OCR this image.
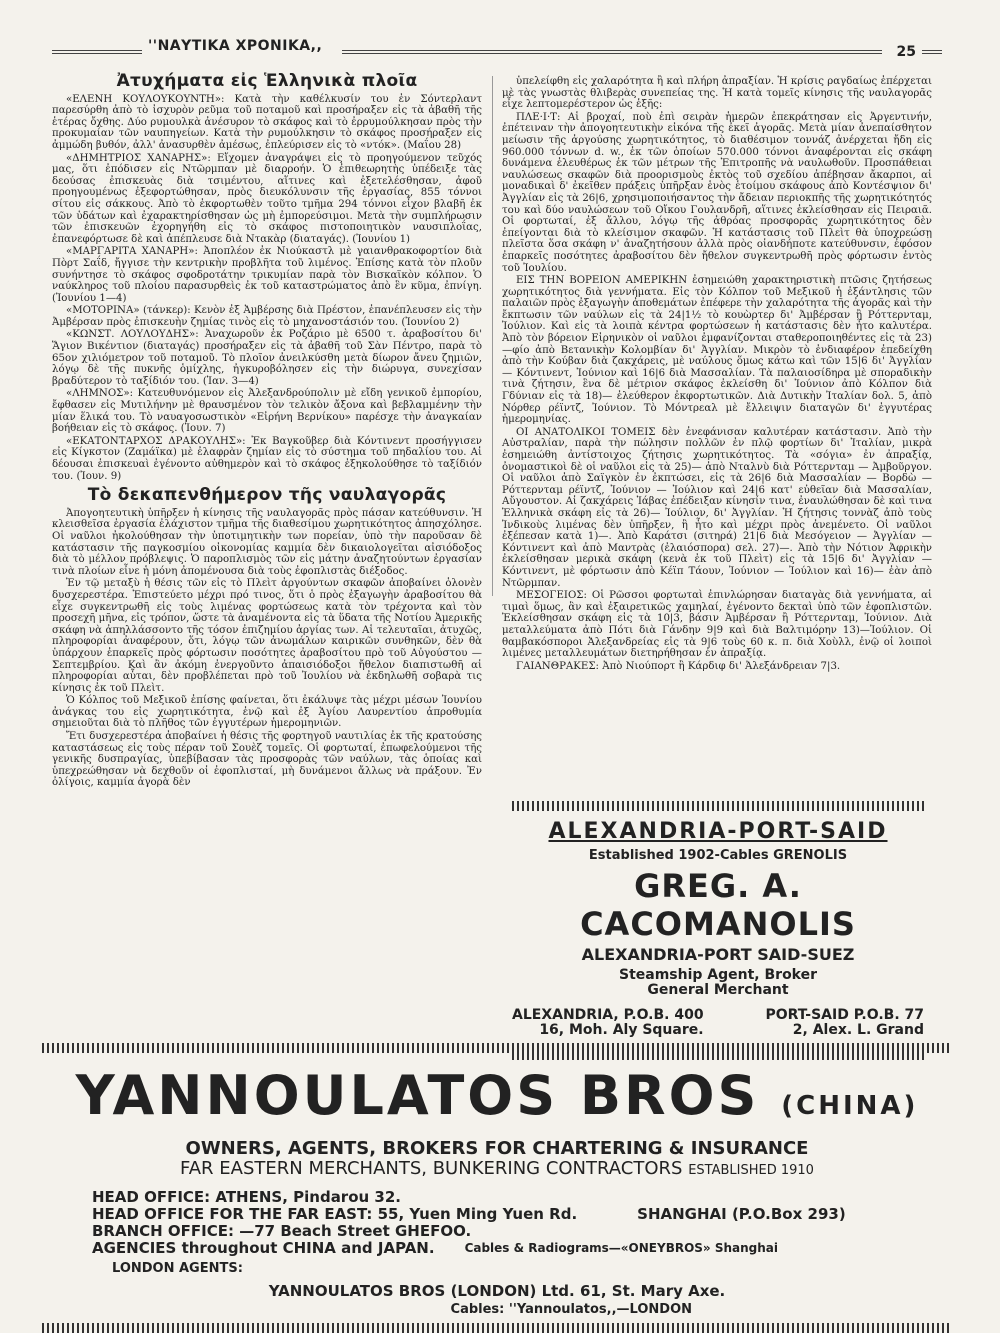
''ΝΑΥΤΙΚΑ ΧΡΟΝΙΚΑ,,	25
Ἀτυχήματα εἰς Ἑλληνικὰ πλοῖα

«ΕΛΕΝΗ ΚΟΥΛΟΥΚΟΥΝΤΗ»: Κατὰ τὴν καθέλκυσίν του ἐν Σόντερλαντ παρεσύρθη ἀπὸ τὸ ἰσχυρὸν ρεῦμα τοῦ ποταμοῦ καὶ προσήραξεν εἰς τὰ ἀβαθῆ τῆς ἑτέρας ὄχθης. Δύο ρυμουλκὰ ἀνέσυρον τὸ σκάφος καὶ τὸ ἐρρυμούλκησαν πρὸς τὴν προκυμαίαν τῶν ναυπηγείων. Κατὰ τὴν ρυμούλκησιν τὸ σκάφος προσήραξεν εἰς ἀμμώδη βυθόν, ἀλλ' ἀνασυρθὲν ἀμέσως, ἐπλεύρισεν εἰς τὸ «ντόκ». (Μαΐου 28)

«ΔΗΜΗΤΡΙΟΣ ΧΑΝΑΡΗΣ»: Εἴχομεν ἀναγράψει εἰς τὸ προηγούμενον τεῦχός μας, ὅτι ἐπόδισεν εἰς Ντῶρμπαν μὲ διαρροήν. Ὁ ἐπιθεωρητὴς ὑπέδειξε τὰς δεούσας ἐπισκευὰς διὰ τσιμέντου, αἵτινες καὶ ἐξετελέσθησαν, ἀφοῦ προηγουμένως ἐξεφορτώθησαν, πρὸς διευκόλυνσιν τῆς ἐργασίας, 855 τόννοι σίτου εἰς σάκκους. Ἀπὸ τὸ ἐκφορτωθὲν τοῦτο τμῆμα 294 τόννοι εἶχον βλαβῆ ἐκ τῶν ὑδάτων καὶ ἐχαρακτηρίσθησαν ὡς μὴ ἐμπορεύσιμοι. Μετὰ τὴν συμπλήρωσιν τῶν ἐπισκευῶν ἐχορηγήθη εἰς τὸ σκάφος πιστοποιητικὸν ναυσιπλοΐας, ἐπανεφόρτωσε δὲ καὶ ἀπέπλευσε διὰ Ντακὰρ (διαταγάς). (Ἰουνίου 1)

«ΜΑΡΓΑΡΙΤΑ ΧΑΝΑΡΗ»: Ἀποπλέον ἐκ Νιούκαστλ μὲ γαιανθρακοφορτίον διὰ Πὸρτ Σαΐδ, ἤγγισε τὴν κεντρικὴν προβλῆτα τοῦ λιμένος. Ἐπίσης κατὰ τὸν πλοῦν συνήντησε τὸ σκάφος σφοδροτάτην τρικυμίαν παρὰ τὸν Βισκαϊκὸν κόλπον. Ὁ ναύκληρος τοῦ πλοίου παρασυρθεὶς ἐκ τοῦ καταστρώματος ἀπὸ ἓν κῦμα, ἐπνίγη. (Ἰουνίου 1—4)

«ΜΟΤΟΡΙΝΑ» (τάνκερ): Κενὸν ἐξ Ἀμβέρσης διὰ Πρέστον, ἐπανέπλευσεν εἰς τὴν Ἀμβέρσαν πρὸς ἐπισκευὴν ζημίας τινὸς εἰς τὸ μηχανοστάσιόν του. (Ἰουνίου 2)

«ΚΩΝΣΤ. ΛΟΥΛΟΥΔΗΣ»: Ἀναχωροῦν ἐκ Ροζάριο μὲ 6500 τ. ἀραβοσίτου δι' Ἅγιον Βικέντιον (διαταγάς) προσήραξεν εἰς τὰ ἀβαθῆ τοῦ Σὰν Πέντρο, παρὰ τὸ 65ον χιλιόμετρον τοῦ ποταμοῦ. Τὸ πλοῖον ἀνειλκύσθη μετὰ δίωρον ἄνευ ζημιῶν, λόγῳ δὲ τῆς πυκνῆς ὁμίχλης, ἠγκυροβόλησεν εἰς τὴν διώρυγα, συνεχίσαν βραδύτερον τὸ ταξίδιόν του. (Ἰαν. 3—4)

«ΛΗΜΝΟΣ»: Κατευθυνόμενον εἰς Ἀλεξανδρούπολιν μὲ εἴδη γενικοῦ ἐμπορίου, ἔφθασεν εἰς Μυτιλήνην μὲ θραυσμένον τὸν τελικὸν ἄξονα καὶ βεβλαμμένην τὴν μίαν ἕλικά του. Τὸ ναυαγοσωστικὸν «Εἰρήνη Βερνίκου» παρέσχε τὴν ἀναγκαίαν βοήθειαν εἰς τὸ σκάφος. (Ἰουν. 7)

«ΕΚΑΤΟΝΤΑΡΧΟΣ ΔΡΑΚΟΥΛΗΣ»: Ἐκ Βαγκοῦβερ διὰ Κόντινεντ προσήγγισεν εἰς Κίγκστον (Ζαμάϊκα) μὲ ἐλαφρὰν ζημίαν εἰς τὸ σύστημα τοῦ πηδαλίου του. Αἱ δέουσαι ἐπισκευαὶ ἐγένοντο αὐθημερὸν καὶ τὸ σκάφος ἐξηκολούθησε τὸ ταξίδιόν του. (Ἰουν. 9)

Τὸ δεκαπενθήμερον τῆς ναυλαγορᾶς

Ἀπογοητευτικὴ ὑπῆρξεν ἡ κίνησις τῆς ναυλαγορᾶς πρὸς πάσαν κατεύθυνσιν. Ἡ κλεισθεῖσα ἐργασία ἐλάχιστον τμῆμα τῆς διαθεσίμου χωρητικότητος ἀπησχόλησε. Οἱ ναῦλοι ἠκολούθησαν τὴν ὑποτιμητικὴν των πορείαν, ὑπὸ τὴν παροῦσαν δὲ κατάστασιν τῆς παγκοσμίου οἰκονομίας καμμία δὲν δικαιολογεῖται αἰσιόδοξος διὰ τὸ μέλλον πρόβλεψις. Ὁ παροπλισμὸς τῶν εἰς μάτην ἀναζητούντων ἐργασίαν τινὰ πλοίων εἶνε ἡ μόνη ἀπομένουσα διὰ τοὺς ἐφοπλιστὰς διέξοδος.

Ἐν τῷ μεταξὺ ἡ θέσις τῶν εἰς τὸ Πλεὶτ ἀργούντων σκαφῶν ἀποβαίνει ὁλονὲν δυσχερεστέρα. Ἐπιστεύετο μέχρι πρό τινος, ὅτι ὁ πρὸς ἐξαγωγὴν ἀραβοσίτου θὰ εἶχε συγκεντρωθῆ εἰς τοὺς λιμένας φορτώσεως κατὰ τὸν τρέχοντα καὶ τὸν προσεχῆ μῆνα, εἰς τρόπον, ὥστε τὰ ἀναμένοντα εἰς τὰ ὕδατα τῆς Νοτίου Ἀμερικῆς σκάφη νὰ ἀπηλλάσσοντο τῆς τόσον ἐπιζημίου ἀργίας των. Αἱ τελευταῖαι, ἀτυχῶς, πληροφορίαι ἀναφέρουν, ὅτι, λόγῳ τῶν ἀνωμάλων καιρικῶν συνθηκῶν, δὲν θὰ ὑπάρχουν ἐπαρκεῖς πρὸς φόρτωσιν ποσότητες ἀραβοσίτου πρὸ τοῦ Αὐγούστου — Σεπτεμβρίου. Καὶ ἂν ἀκόμη ἐνεργοῦντο ἀπαισιόδοξοι ἤθελον διαπιστωθῆ αἱ πληροφορίαι αὗται, δὲν προβλέπεται πρὸ τοῦ Ἰουλίου νὰ ἐκδηλωθῆ σοβαρὰ τις κίνησις ἐκ τοῦ Πλεὶτ.

Ὁ Κόλπος τοῦ Μεξικοῦ ἐπίσης φαίνεται, ὅτι ἐκάλυψε τὰς μέχρι μέσων Ἰουνίου ἀνάγκας του εἰς χωρητικότητα, ἐνῷ καὶ ἐξ Ἁγίου Λαυρεντίου ἀπροθυμία σημειοῦται διὰ τὸ πλῆθος τῶν ἐγγυτέρων ἡμερομηνιῶν.

Ἔτι δυσχερεστέρα ἀποβαίνει ἡ θέσις τῆς φορτηγοῦ ναυτιλίας ἐκ τῆς κρατούσης καταστάσεως εἰς τοὺς πέραν τοῦ Σουὲζ τομεῖς. Οἱ φορτωταί, ἐπωφελούμενοι τῆς γενικῆς δυσπραγίας, ὑπεβίβασαν τὰς προσφορὰς τῶν ναύλων, τὰς ὁποίας καὶ ὑπεχρεώθησαν νὰ δεχθοῦν οἱ ἐφοπλισταί, μὴ δυνάμενοι ἄλλως νὰ πράξουν. Ἐν ὀλίγοις, καμμία ἀγορὰ δὲν

ὑπελείφθη εἰς χαλαρότητα ἢ καὶ πλήρη ἀπραξίαν. Ἡ κρίσις ραγδαίως ἐπέρχεται μὲ τὰς γνωστὰς θλιβερὰς συνεπείας της. Ἡ κατὰ τομεῖς κίνησις τῆς ναυλαγορᾶς εἶχε λεπτομερέστερον ὡς ἑξῆς:

ΠΛΕ·Ι·Τ: Αἱ βροχαί, ποὺ ἐπὶ σειρὰν ἡμερῶν ἐπεκράτησαν εἰς Ἀργεντινήν, ἐπέτειναν τὴν ἀπογοητευτικὴν εἰκόνα τῆς ἐκεῖ ἀγορᾶς. Μετὰ μίαν ἀνεπαίσθητον μείωσιν τῆς ἀργούσης χωρητικότητος, τὸ διαθέσιμον τοννάζ ἀνέρχεται ἤδη εἰς 960.000 τόννων d. w., ἐκ τῶν ὁποίων 570.000 τόννοι ἀναφέρονται εἰς σκάφη δυνάμενα ἐλευθέρως ἐκ τῶν μέτρων τῆς Ἐπιτροπῆς νὰ ναυλωθοῦν. Προσπάθειαι ναυλώσεως σκαφῶν διὰ προορισμοὺς ἐκτὸς τοῦ σχεδίου ἀπέβησαν ἄκαρποι, αἱ μοναδικαὶ δ' ἐκεῖθεν πράξεις ὑπῆρξαν ἑνὸς ἑτοίμου σκάφους ἀπὸ Κοντέσψιον δι' Ἀγγλίαν εἰς τὰ 26|6, χρησιμοποιήσαντος τὴν ἄδειαν περιοκπῆς τῆς χωρητικότητός του καὶ δύο ναυλώσεων τοῦ Οἴκου Γουλανδρῆ, αἵτινες ἐκλείσθησαν εἰς Πειραιᾶ. Οἱ φορτωταί, ἐξ ἄλλου, λόγῳ τῆς ἀθρόας προσφορᾶς χωρητικότητος δὲν ἐπείγονται διὰ τὸ κλείσιμον σκαφῶν. Ἡ κατάστασις τοῦ Πλεὶτ θὰ ὑποχρεώσῃ πλεῖστα ὅσα σκάφη ν' ἀναζητήσουν ἀλλὰ πρὸς οἱανδήποτε κατεύθυνσιν, ἐφόσον ἐπαρκεῖς ποσότητες ἀραβοσίτου δὲν ἤθελον συγκεντρωθῆ πρὸς φόρτωσιν ἐντὸς τοῦ Ἰουλίου.

ΕΙΣ ΤΗΝ ΒΟΡΕΙΟΝ ΑΜΕΡΙΚΗΝ ἐσημειώθη χαρακτηριστικὴ πτῶσις ζητήσεως χωρητικότητος διὰ γεννήματα. Εἰς τὸν Κόλπον τοῦ Μεξικοῦ ἡ ἐξάντλησις τῶν παλαιῶν πρὸς ἐξαγωγὴν ἀποθεμάτων ἐπέφερε τὴν χαλαρότητα τῆς ἀγορᾶς καὶ τὴν ἔκπτωσιν τῶν ναύλων εἰς τὰ 24|1½ τὸ κουὼρτερ δι' Ἀμβέρσαν ἢ Ρόττερνταμ, Ἰούλιον. Καὶ εἰς τὰ λοιπὰ κέντρα φορτώσεων ἡ κατάστασις δὲν ἦτο καλυτέρα. Ἀπὸ τὸν βόρειον Εἰρηνικὸν οἱ ναῦλοι ἐμφανίζονται σταθεροποιηθέντες εἰς τὰ 23)—φίο ἀπὸ Βετανικὴν Κολομβίαν δι' Ἀγγλίαν. Μικρὸν τὸ ἐνδιαφέρον ἐπεδείχθη ἀπὸ τὴν Κούβαν διὰ ζακχάρεις, μὲ ναύλους ὅμως κάτω καὶ τῶν 15|6 δι' Ἀγγλίαν — Κόντινεντ, Ἰούνιον καὶ 16|6 διὰ Μασσαλίαν. Τὰ παλαιοσίδηρα μὲ σποραδικὴν τινὰ ζήτησιν, ἓνα δὲ μέτριον σκάφος ἐκλείσθη δι' Ἰούνιον ἀπὸ Κόλπον διὰ Γδύνιαν εἰς τὰ 18)— ἐλεύθερον ἐκφορτωτικῶν. Διὰ Δυτικὴν Ἰταλίαν δολ. 5, ἀπὸ Νόρθερ ρέϊντζ, Ἰούνιον. Τὸ Μόντρεαλ μὲ ἔλλειψιν διαταγῶν δι' ἐγγυτέρας ἡμερομηνίας.

ΟΙ ΑΝΑΤΟΛΙΚΟΙ ΤΟΜΕΙΣ δὲν ἐνεφάνισαν καλυτέραν κατάστασιν. Ἀπὸ τὴν Αὐστραλίαν, παρὰ τὴν πώλησιν πολλῶν ἐν πλῷ φορτίων δι' Ἰταλίαν, μικρὰ ἐσημειώθη ἀντίστοιχος ζήτησις χωρητικότητος. Τὰ «σόγια» ἐν ἀπραξίᾳ, ὀνομαστικοὶ δὲ οἱ ναῦλοι εἰς τὰ 25)— ἀπὸ Νταλνὺ διὰ Ρόττερνταμ — Ἀμβοῦργον. Οἱ ναῦλοι ἀπὸ Σαϊγκὸν ἐν ἐκπτώσει, εἰς τὰ 26|6 διὰ Μασσαλίαν — Βορδὼ — Ρόττερνταμ ρέϊντζ, Ἰούνιον — Ἰούλιον καὶ 24|6 κατ' εὐθεῖαν διὰ Μασσαλίαν, Αὔγουστον. Αἱ ζακχάρεις Ἰάβας ἐπέδειξαν κίνησίν τινα, ἐναυλώθησαν δὲ καὶ τινα Ἑλληνικὰ σκάφη εἰς τὰ 26)— Ἰούλιον, δι' Ἀγγλίαν. Ἡ ζήτησις τοννὰζ ἀπὸ τοὺς Ἰνδικοὺς λιμένας δὲν ὑπῆρξεν, ἢ ἦτο καὶ μέχρι πρὸς ἀνεμένετο. Οἱ ναῦλοι ἐξέπεσαν κατὰ 1)—. Ἀπὸ Καράτσι (σιτηρά) 21|6 διὰ Μεσόγειον — Ἀγγλίαν — Κόντινεντ καὶ ἀπὸ Μαντρὰς (ἐλαιόσπορα) σελ. 27)—. Ἀπὸ τὴν Νότιον Ἀφρικὴν ἐκλείσθησαν μερικὰ σκάφη (κενὰ ἐκ τοῦ Πλεὶτ) εἰς τὰ 15|6 δι' Ἀγγλίαν — Κόντινεντ, μὲ φόρτωσιν ἀπὸ Κέϊπ Τάουν, Ἰούνιον — Ἰούλιον καὶ 16)— ἐὰν ἀπὸ Ντῶρμπαν.

ΜΕΣΟΓΕΙΟΣ: Οἱ Ρῶσσοι φορτωταὶ ἐπινλώρησαν διαταγὰς διὰ γεννήματα, αἱ τιμαὶ ὅμως, ἂν καὶ ἐξαιρετικῶς χαμηλαί, ἐγένοντο δεκταὶ ὑπὸ τῶν ἐφοπλιστῶν. Ἐκλείσθησαν σκάφη εἰς τὰ 10|3, βάσιν Ἀμβέρσαν ἢ Ρόττερνταμ, Ἰούνιον. Διὰ μεταλλεύματα ἀπὸ Πότι διὰ Γάνδην 9|9 καὶ διὰ Βαλτιμόρην 13)—Ἰούλιον. Οἱ θαμβακόσποροι Ἀλεξανδρείας εἰς τὰ 9|6 τοὺς 60 κ. π. διὰ Χοὺλλ, ἐνῷ οἱ λοιποὶ λιμένες μεταλλευμάτων διετηρήθησαν ἐν ἀπραξίᾳ.

ΓΑΙΑΝΘΡΑΚΕΣ: Ἀπὸ Νιούπορτ ἢ Κάρδιφ δι' Ἀλεξάνδρειαν 7|3.

ALEXANDRIA-PORT-SAID
Established 1902-Cables GRENOLIS
GREG. A. CACOMANOLIS
ALEXANDRIA-PORT SAID-SUEZ
Steamship Agent, Broker
General Merchant
ALEXANDRIA, P.O.B. 400
16, Moh. Aly Square.
PORT-SAID P.O.B. 77
2, Alex. L. Grand
YANNOULATOS BROS (CHINA)
OWNERS, AGENTS, BROKERS FOR CHARTERING & INSURANCE
FAR EASTERN MERCHANTS, BUNKERING CONTRACTORS ESTABLISHED 1910
HEAD OFFICE: ATHENS, Pindarou 32.
HEAD OFFICE FOR THE FAR EAST: 55, Yuen Ming Yuen Rd.	SHANGHAI (P.O.Box 293)
BRANCH OFFICE: —77 Beach Street GHEFOO.
AGENCIES throughout CHINA and JAPAN.	Cables & Radiograms—«ONEYBROS» Shanghai
LONDON AGENTS:
YANNOULATOS BROS (LONDON) Ltd. 61, St. Mary Axe.
Cables: ''Yannoulatos,,—LONDON
